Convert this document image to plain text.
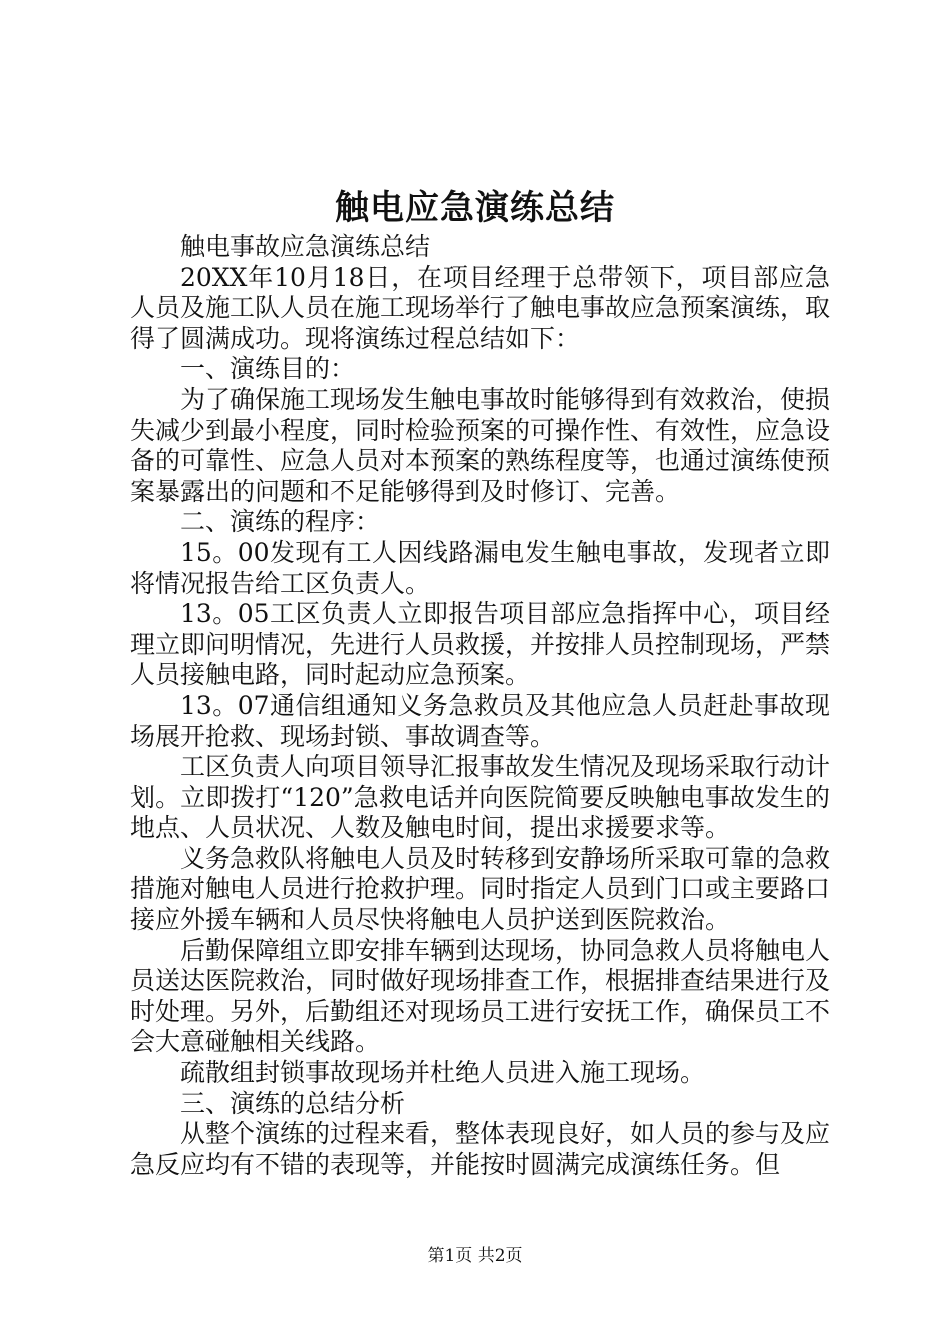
触电应急演练总结

触电事故应急演练总结

20XX年10月18日，在项目经理于总带领下，项目部应急人员及施工队人员在施工现场举行了触电事故应急预案演练，取得了圆满成功。现将演练过程总结如下：

一、演练目的：

为了确保施工现场发生触电事故时能够得到有效救治，使损失减少到最小程度，同时检验预案的可操作性、有效性，应急设备的可靠性、应急人员对本预案的熟练程度等，也通过演练使预案暴露出的问题和不足能够得到及时修订、完善。

二、演练的程序：

15。00发现有工人因线路漏电发生触电事故，发现者立即将情况报告给工区负责人。

13。05工区负责人立即报告项目部应急指挥中心，项目经理立即问明情况，先进行人员救援，并按排人员控制现场，严禁人员接触电路，同时起动应急预案。

13。07通信组通知义务急救员及其他应急人员赶赴事故现场展开抢救、现场封锁、事故调查等。

工区负责人向项目领导汇报事故发生情况及现场采取行动计划。立即拨打“120”急救电话并向医院简要反映触电事故发生的地点、人员状况、人数及触电时间，提出求援要求等。

义务急救队将触电人员及时转移到安静场所采取可靠的急救措施对触电人员进行抢救护理。同时指定人员到门口或主要路口接应外援车辆和人员尽快将触电人员护送到医院救治。

后勤保障组立即安排车辆到达现场，协同急救人员将触电人员送达医院救治，同时做好现场排查工作，根据排查结果进行及时处理。另外，后勤组还对现场员工进行安抚工作，确保员工不会大意碰触相关线路。

疏散组封锁事故现场并杜绝人员进入施工现场。

三、演练的总结分析

从整个演练的过程来看，整体表现良好，如人员的参与及应急反应均有不错的表现等，并能按时圆满完成演练任务。但

第1页 共2页
